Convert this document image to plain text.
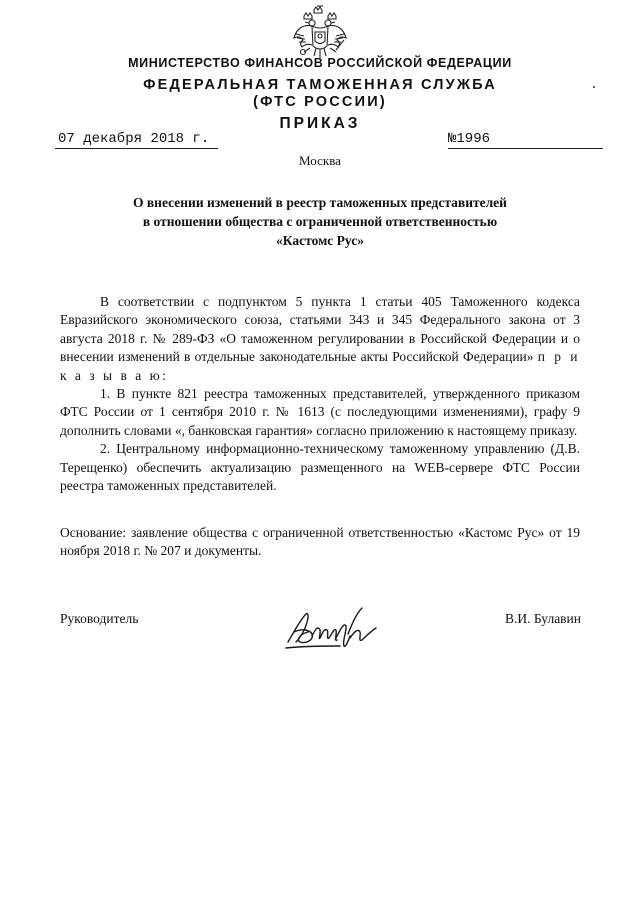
МИНИСТЕРСТВО ФИНАНСОВ РОССИЙСКОЙ ФЕДЕРАЦИИ
ФЕДЕРАЛЬНАЯ ТАМОЖЕННАЯ СЛУЖБА
(ФТС РОССИИ)
ПРИКАЗ
07 декабря 2018 г.	№1996
Москва
О внесении изменений в реестр таможенных представителей
в отношении общества с ограниченной ответственностью
«Кастомс Рус»

В соответствии с подпунктом 5 пункта 1 статьи 405 Таможенного кодекса Евразийского экономического союза, статьями 343 и 345 Федерального закона от 3 августа 2018 г. № 289-ФЗ «О таможенном регулировании в Российской Федерации и о внесении изменений в отдельные законодательные акты Российской Федерации» п р и к а з ы в а ю:

1. В пункте 821 реестра таможенных представителей, утвержденного приказом ФТС России от 1 сентября 2010 г. № 1613 (с последующими изменениями), графу 9 дополнить словами «, банковская гарантия» согласно приложению к настоящему приказу.

2. Центральному информационно-техническому таможенному управлению (Д.В. Терещенко) обеспечить актуализацию размещенного на WEB-сервере ФТС России реестра таможенных представителей.

Основание: заявление общества с ограниченной ответственностью «Кастомс Рус» от 19 ноября 2018 г. № 207 и документы.
Руководитель	В.И. Булавин
